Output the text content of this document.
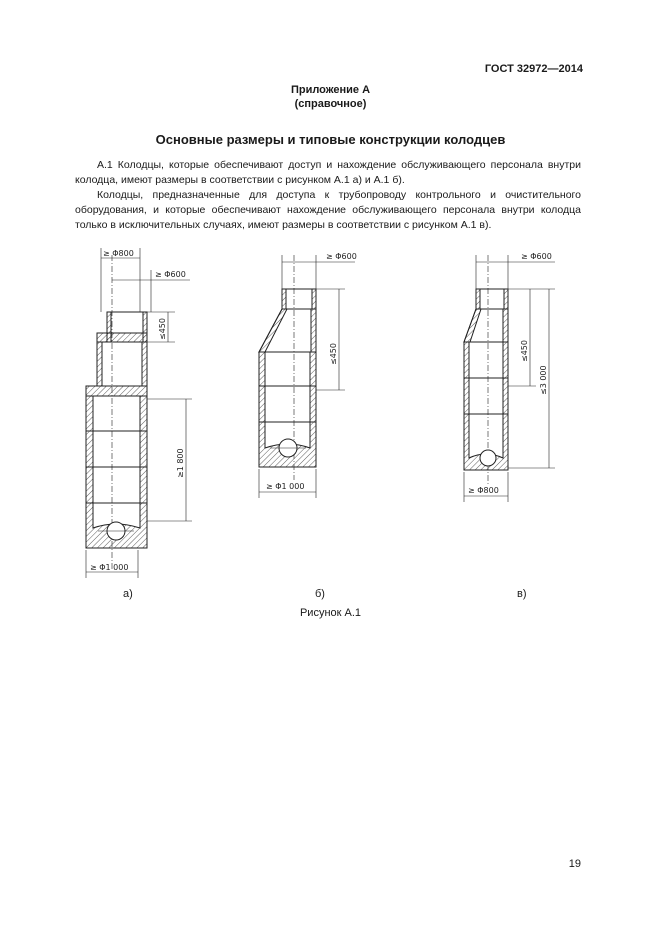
ГОСТ 32972—2014
Приложение А
(справочное)
Основные размеры и типовые конструкции колодцев

А.1 Колодцы, которые обеспечивают доступ и нахождение обслуживающего персонала внутри колодца, имеют размеры в соответствии с рисунком А.1 а) и А.1 б).

Колодцы, предназначенные для доступа к трубопроводу контрольного и очистительного оборудования, и которые обеспечивают нахождение обслуживающего персонала внутри колодца только в исключительных случаях, имеют размеры в соответствии с рисунком А.1 в).

≥ Φ800
≥ Φ600
≤450
≥1 800
≥ Φ1 000
≥ Φ600
≤450
≥ Φ1 000
≥ Φ600
≤450
≤3 000
≥ Φ800
а)	б)	в)
Рисунок А.1
19
